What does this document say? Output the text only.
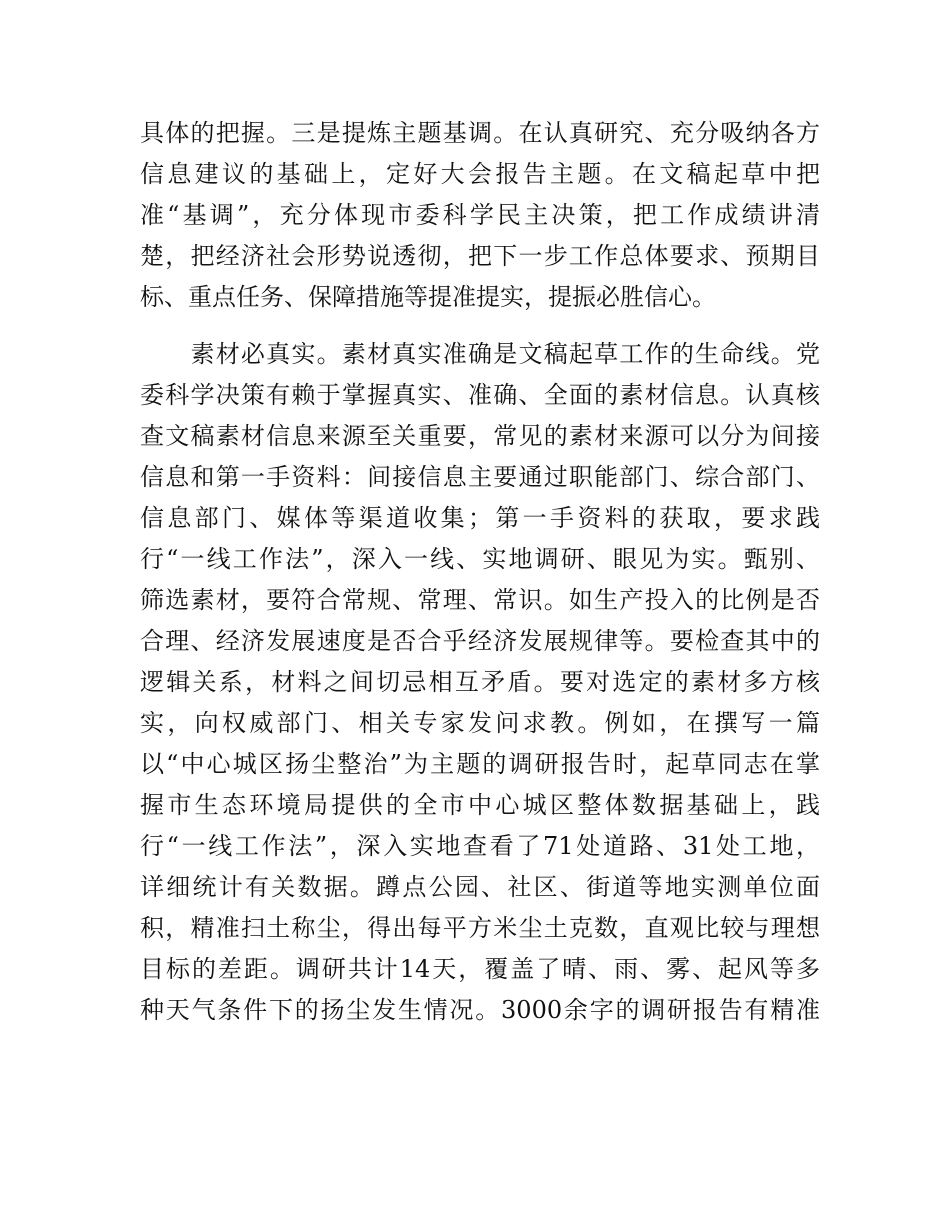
具体的把握。三是提炼主题基调。在认真研究、充分吸纳各方
信息建议的基础上，定好大会报告主题。在文稿起草中把
准“基调”，充分体现市委科学民主决策，把工作成绩讲清
楚，把经济社会形势说透彻，把下一步工作总体要求、预期目
标、重点任务、保障措施等提准提实，提振必胜信心。
　　素材必真实。素材真实准确是文稿起草工作的生命线。党
委科学决策有赖于掌握真实、准确、全面的素材信息。认真核
查文稿素材信息来源至关重要，常见的素材来源可以分为间接
信息和第一手资料：间接信息主要通过职能部门、综合部门、
信息部门、媒体等渠道收集；第一手资料的获取，要求践
行“一线工作法”，深入一线、实地调研、眼见为实。甄别、
筛选素材，要符合常规、常理、常识。如生产投入的比例是否
合理、经济发展速度是否合乎经济发展规律等。要检查其中的
逻辑关系，材料之间切忌相互矛盾。要对选定的素材多方核
实，向权威部门、相关专家发问求教。例如，在撰写一篇
以“中心城区扬尘整治”为主题的调研报告时，起草同志在掌
握市生态环境局提供的全市中心城区整体数据基础上，践
行“一线工作法”，深入实地查看了71处道路、31处工地，
详细统计有关数据。蹲点公园、社区、街道等地实测单位面
积，精准扫土称尘，得出每平方米尘土克数，直观比较与理想
目标的差距。调研共计14天，覆盖了晴、雨、雾、起风等多
种天气条件下的扬尘发生情况。3000余字的调研报告有精准
